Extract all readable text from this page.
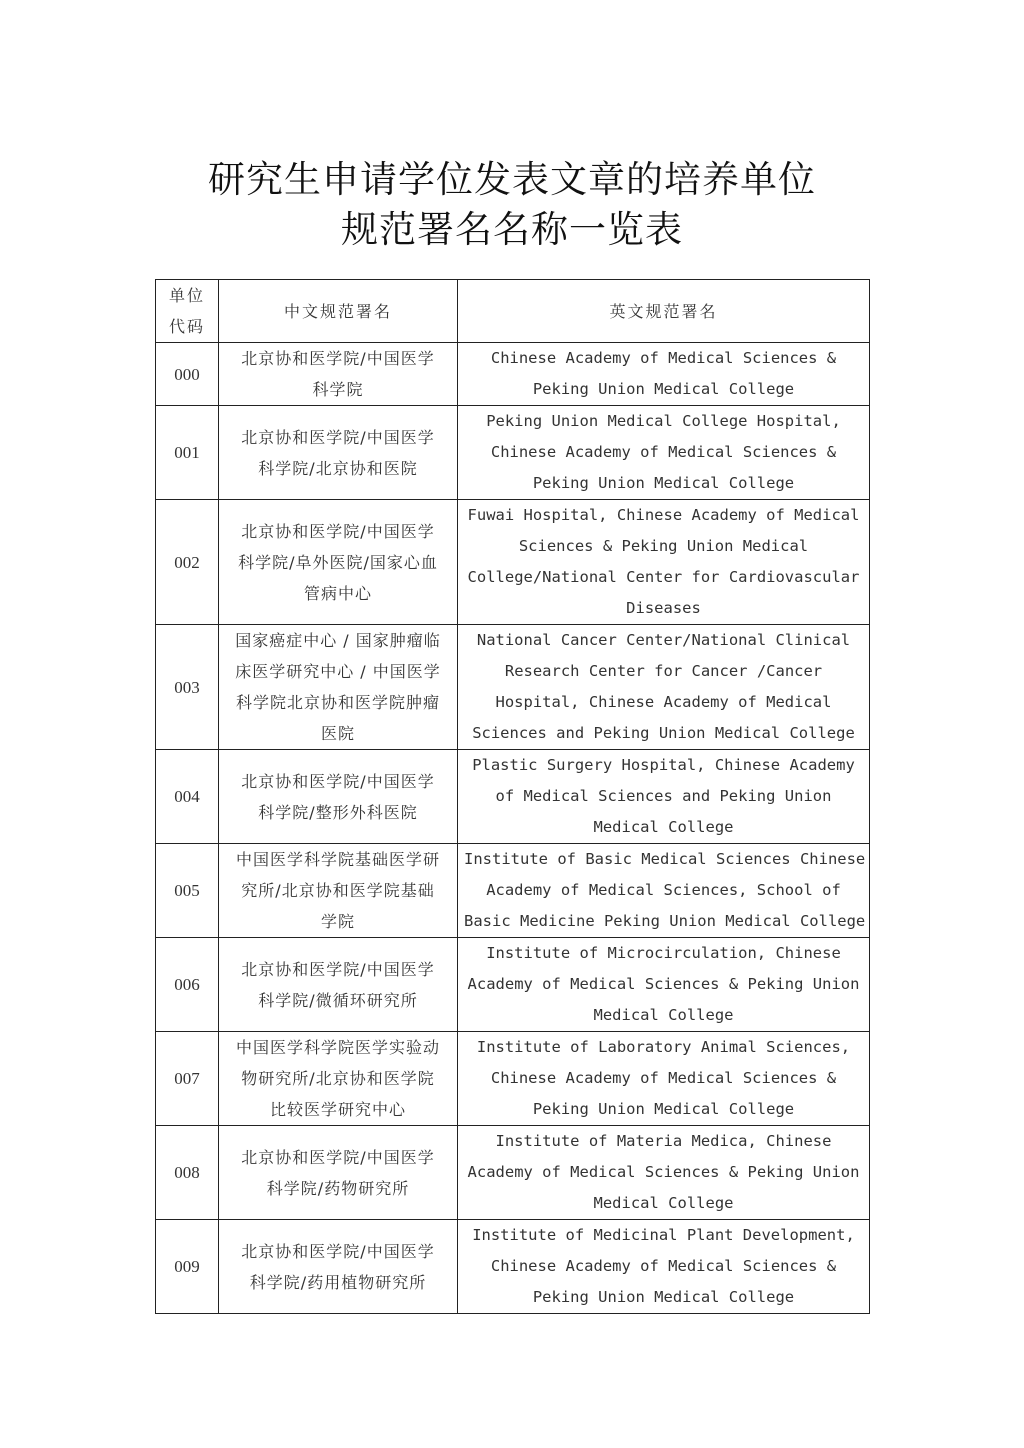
研究生申请学位发表文章的培养单位
规范署名名称一览表
单位
代码	中文规范署名	英文规范署名
000	北京协和医学院/中国医学
科学院	Chinese Academy of Medical Sciences &
Peking Union Medical College

001	北京协和医学院/中国医学
科学院/北京协和医院	Peking Union Medical College Hospital,
Chinese Academy of Medical Sciences &
Peking Union Medical College

002	北京协和医学院/中国医学
科学院/阜外医院/国家心血
管病中心	Fuwai Hospital, Chinese Academy of Medical
Sciences & Peking Union Medical
College/National Center for Cardiovascular
Diseases

003	国家癌症中心 / 国家肿瘤临
床医学研究中心 / 中国医学
科学院北京协和医学院肿瘤
医院	National Cancer Center/National Clinical
Research Center for Cancer /Cancer
Hospital, Chinese Academy of Medical
Sciences and Peking Union Medical College

004	北京协和医学院/中国医学
科学院/整形外科医院	Plastic Surgery Hospital, Chinese Academy
of Medical Sciences and Peking Union
Medical College

005	中国医学科学院基础医学研
究所/北京协和医学院基础
学院	Institute of Basic Medical Sciences Chinese
Academy of Medical Sciences, School of
Basic Medicine Peking Union Medical College

006	北京协和医学院/中国医学
科学院/微循环研究所	Institute of Microcirculation, Chinese
Academy of Medical Sciences & Peking Union
Medical College

007	中国医学科学院医学实验动
物研究所/北京协和医学院
比较医学研究中心	Institute of Laboratory Animal Sciences,
Chinese Academy of Medical Sciences &
Peking Union Medical College

008	北京协和医学院/中国医学
科学院/药物研究所	Institute of Materia Medica, Chinese
Academy of Medical Sciences & Peking Union
Medical College

009	北京协和医学院/中国医学
科学院/药用植物研究所	Institute of Medicinal Plant Development,
Chinese Academy of Medical Sciences &
Peking Union Medical College
